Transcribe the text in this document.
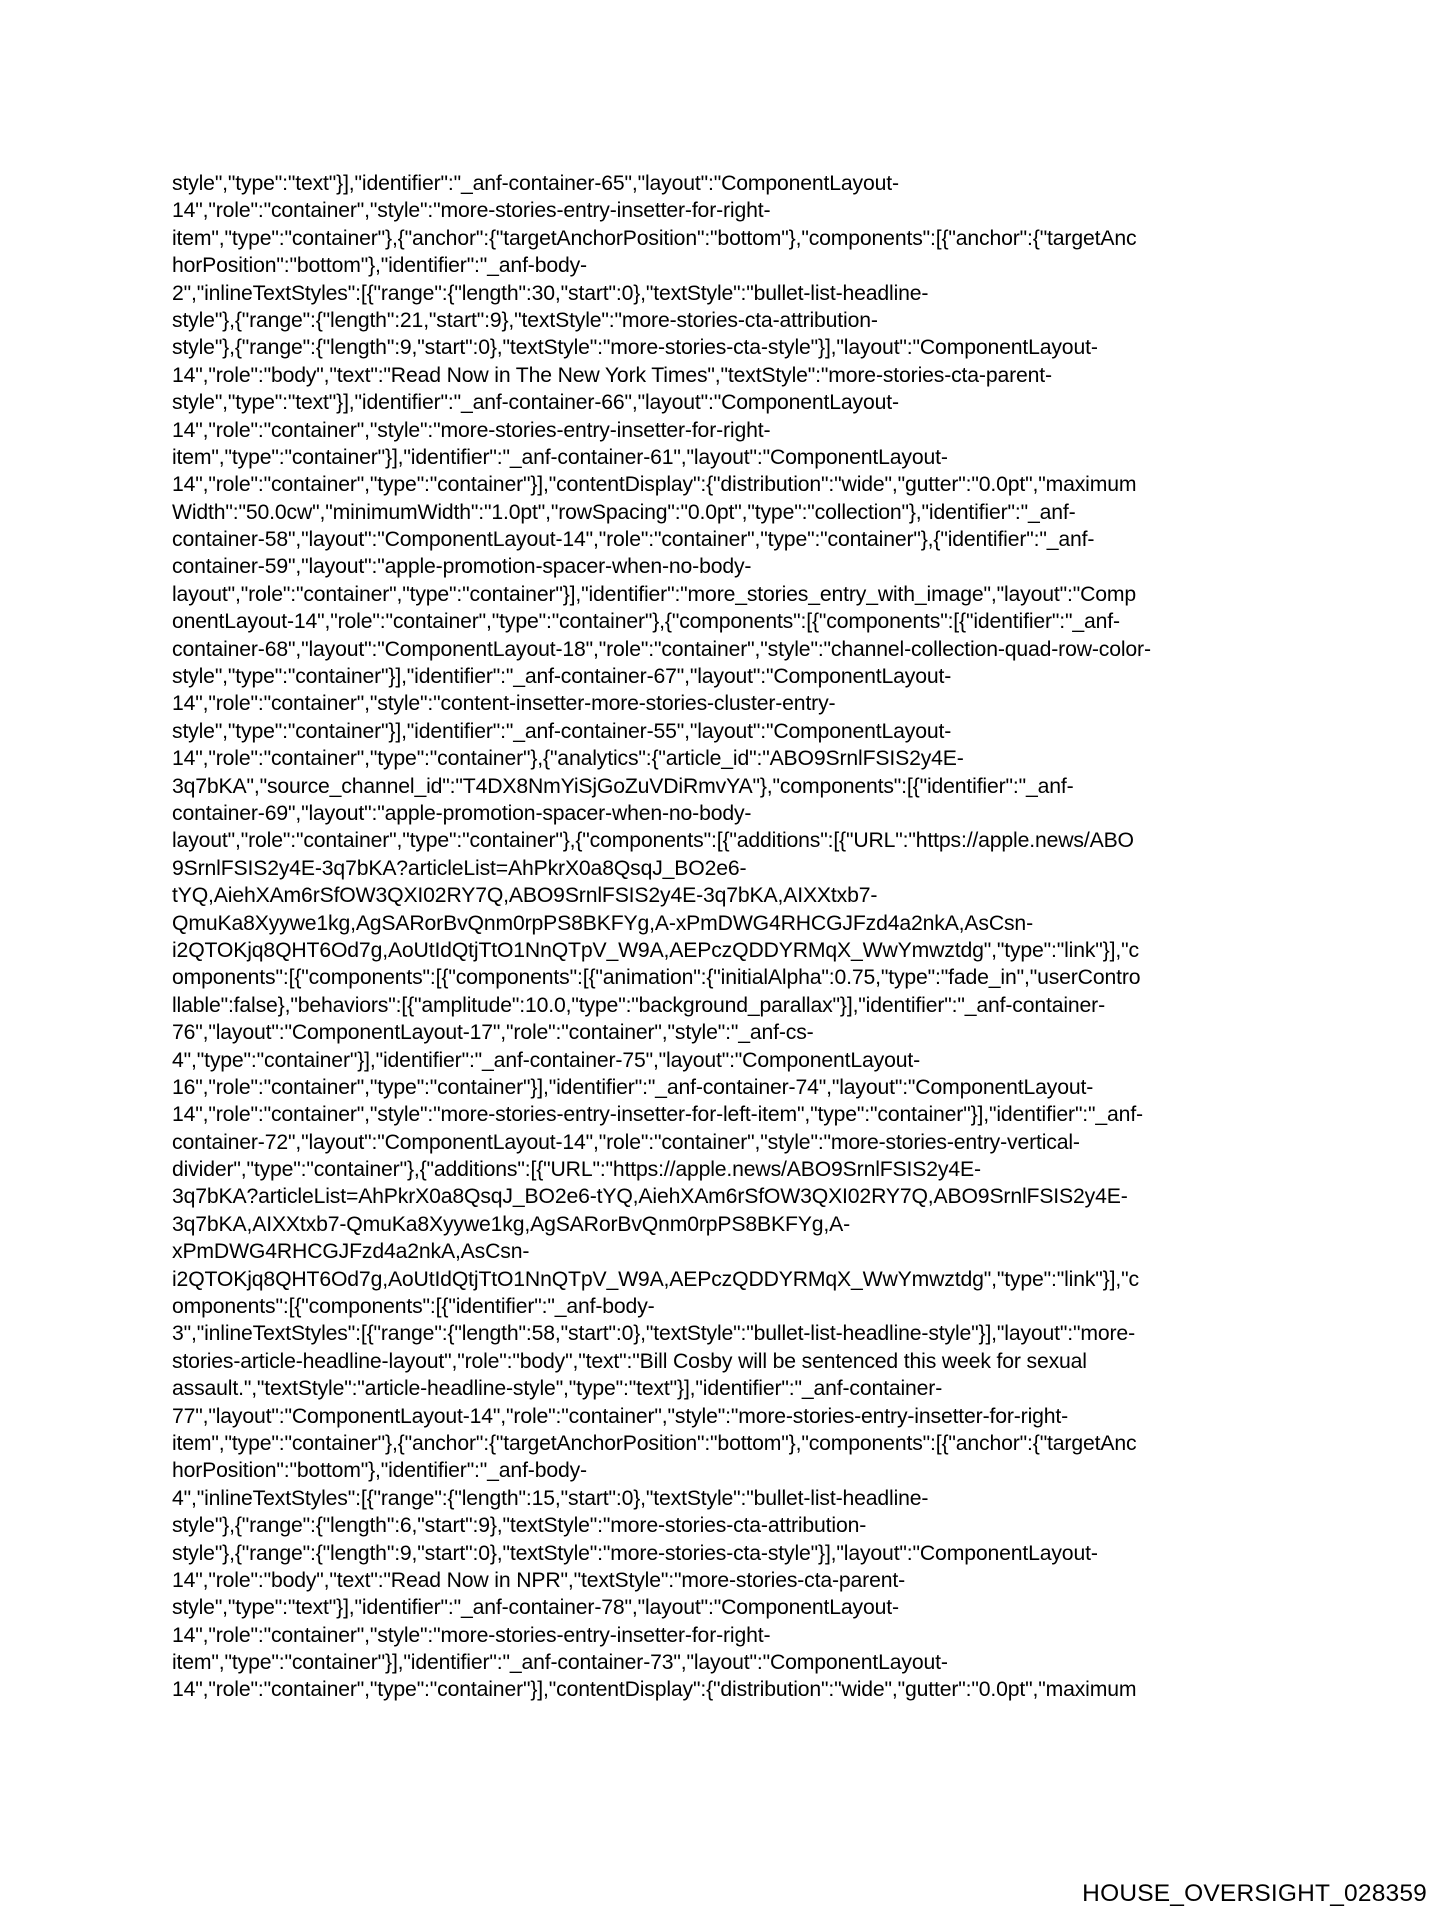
style","type":"text"}],"identifier":"_anf-container-65","layout":"ComponentLayout-
14","role":"container","style":"more-stories-entry-insetter-for-right-
item","type":"container"},{"anchor":{"targetAnchorPosition":"bottom"},"components":[{"anchor":{"targetAnc
horPosition":"bottom"},"identifier":"_anf-body-
2","inlineTextStyles":[{"range":{"length":30,"start":0},"textStyle":"bullet-list-headline-
style"},{"range":{"length":21,"start":9},"textStyle":"more-stories-cta-attribution-
style"},{"range":{"length":9,"start":0},"textStyle":"more-stories-cta-style"}],"layout":"ComponentLayout-
14","role":"body","text":"Read Now in The New York Times","textStyle":"more-stories-cta-parent-
style","type":"text"}],"identifier":"_anf-container-66","layout":"ComponentLayout-
14","role":"container","style":"more-stories-entry-insetter-for-right-
item","type":"container"}],"identifier":"_anf-container-61","layout":"ComponentLayout-
14","role":"container","type":"container"}],"contentDisplay":{"distribution":"wide","gutter":"0.0pt","maximum
Width":"50.0cw","minimumWidth":"1.0pt","rowSpacing":"0.0pt","type":"collection"},"identifier":"_anf-
container-58","layout":"ComponentLayout-14","role":"container","type":"container"},{"identifier":"_anf-
container-59","layout":"apple-promotion-spacer-when-no-body-
layout","role":"container","type":"container"}],"identifier":"more_stories_entry_with_image","layout":"Comp
onentLayout-14","role":"container","type":"container"},{"components":[{"components":[{"identifier":"_anf-
container-68","layout":"ComponentLayout-18","role":"container","style":"channel-collection-quad-row-color-
style","type":"container"}],"identifier":"_anf-container-67","layout":"ComponentLayout-
14","role":"container","style":"content-insetter-more-stories-cluster-entry-
style","type":"container"}],"identifier":"_anf-container-55","layout":"ComponentLayout-
14","role":"container","type":"container"},{"analytics":{"article_id":"ABO9SrnlFSIS2y4E-
3q7bKA","source_channel_id":"T4DX8NmYiSjGoZuVDiRmvYA"},"components":[{"identifier":"_anf-
container-69","layout":"apple-promotion-spacer-when-no-body-
layout","role":"container","type":"container"},{"components":[{"additions":[{"URL":"https://apple.news/ABO
9SrnlFSIS2y4E-3q7bKA?articleList=AhPkrX0a8QsqJ_BO2e6-
tYQ,AiehXAm6rSfOW3QXI02RY7Q,ABO9SrnlFSIS2y4E-3q7bKA,AIXXtxb7-
QmuKa8Xyywe1kg,AgSARorBvQnm0rpPS8BKFYg,A-xPmDWG4RHCGJFzd4a2nkA,AsCsn-
i2QTOKjq8QHT6Od7g,AoUtIdQtjTtO1NnQTpV_W9A,AEPczQDDYRMqX_WwYmwztdg","type":"link"}],"c
omponents":[{"components":[{"components":[{"animation":{"initialAlpha":0.75,"type":"fade_in","userContro
llable":false},"behaviors":[{"amplitude":10.0,"type":"background_parallax"}],"identifier":"_anf-container-
76","layout":"ComponentLayout-17","role":"container","style":"_anf-cs-
4","type":"container"}],"identifier":"_anf-container-75","layout":"ComponentLayout-
16","role":"container","type":"container"}],"identifier":"_anf-container-74","layout":"ComponentLayout-
14","role":"container","style":"more-stories-entry-insetter-for-left-item","type":"container"}],"identifier":"_anf-
container-72","layout":"ComponentLayout-14","role":"container","style":"more-stories-entry-vertical-
divider","type":"container"},{"additions":[{"URL":"https://apple.news/ABO9SrnlFSIS2y4E-
3q7bKA?articleList=AhPkrX0a8QsqJ_BO2e6-tYQ,AiehXAm6rSfOW3QXI02RY7Q,ABO9SrnlFSIS2y4E-
3q7bKA,AIXXtxb7-QmuKa8Xyywe1kg,AgSARorBvQnm0rpPS8BKFYg,A-
xPmDWG4RHCGJFzd4a2nkA,AsCsn-
i2QTOKjq8QHT6Od7g,AoUtIdQtjTtO1NnQTpV_W9A,AEPczQDDYRMqX_WwYmwztdg","type":"link"}],"c
omponents":[{"components":[{"identifier":"_anf-body-
3","inlineTextStyles":[{"range":{"length":58,"start":0},"textStyle":"bullet-list-headline-style"}],"layout":"more-
stories-article-headline-layout","role":"body","text":"Bill Cosby will be sentenced this week for sexual
assault.","textStyle":"article-headline-style","type":"text"}],"identifier":"_anf-container-
77","layout":"ComponentLayout-14","role":"container","style":"more-stories-entry-insetter-for-right-
item","type":"container"},{"anchor":{"targetAnchorPosition":"bottom"},"components":[{"anchor":{"targetAnc
horPosition":"bottom"},"identifier":"_anf-body-
4","inlineTextStyles":[{"range":{"length":15,"start":0},"textStyle":"bullet-list-headline-
style"},{"range":{"length":6,"start":9},"textStyle":"more-stories-cta-attribution-
style"},{"range":{"length":9,"start":0},"textStyle":"more-stories-cta-style"}],"layout":"ComponentLayout-
14","role":"body","text":"Read Now in NPR","textStyle":"more-stories-cta-parent-
style","type":"text"}],"identifier":"_anf-container-78","layout":"ComponentLayout-
14","role":"container","style":"more-stories-entry-insetter-for-right-
item","type":"container"}],"identifier":"_anf-container-73","layout":"ComponentLayout-
14","role":"container","type":"container"}],"contentDisplay":{"distribution":"wide","gutter":"0.0pt","maximum
HOUSE_OVERSIGHT_028359
